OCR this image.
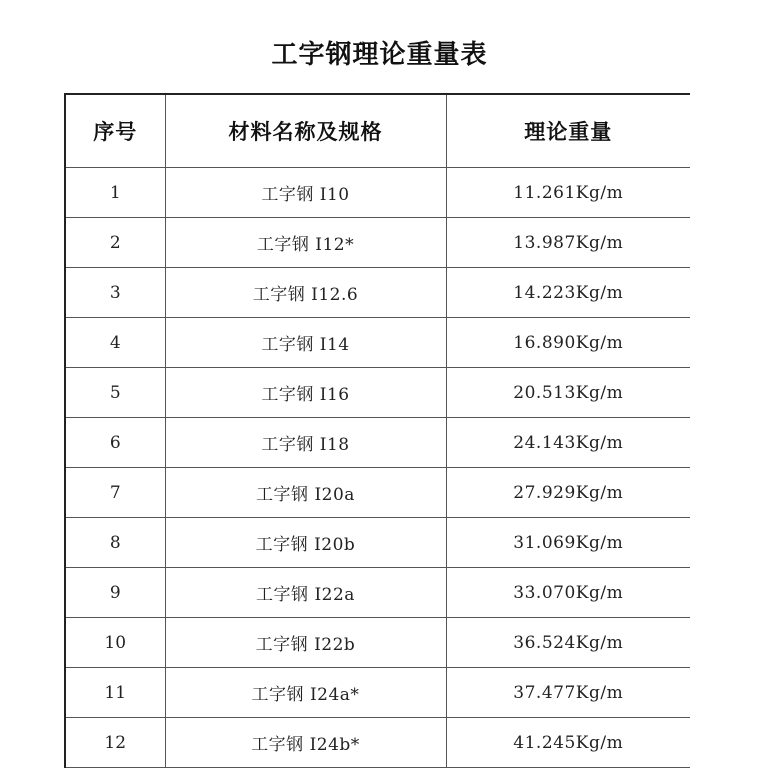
工字钢理论重量表
序号	材料名称及规格	理论重量
1	工字钢 I10	11.261Kg/m
2	工字钢 I12*	13.987Kg/m
3	工字钢 I12.6	14.223Kg/m
4	工字钢 I14	16.890Kg/m
5	工字钢 I16	20.513Kg/m
6	工字钢 I18	24.143Kg/m
7	工字钢 I20a	27.929Kg/m
8	工字钢 I20b	31.069Kg/m
9	工字钢 I22a	33.070Kg/m
10	工字钢 I22b	36.524Kg/m
11	工字钢 I24a*	37.477Kg/m
12	工字钢 I24b*	41.245Kg/m
